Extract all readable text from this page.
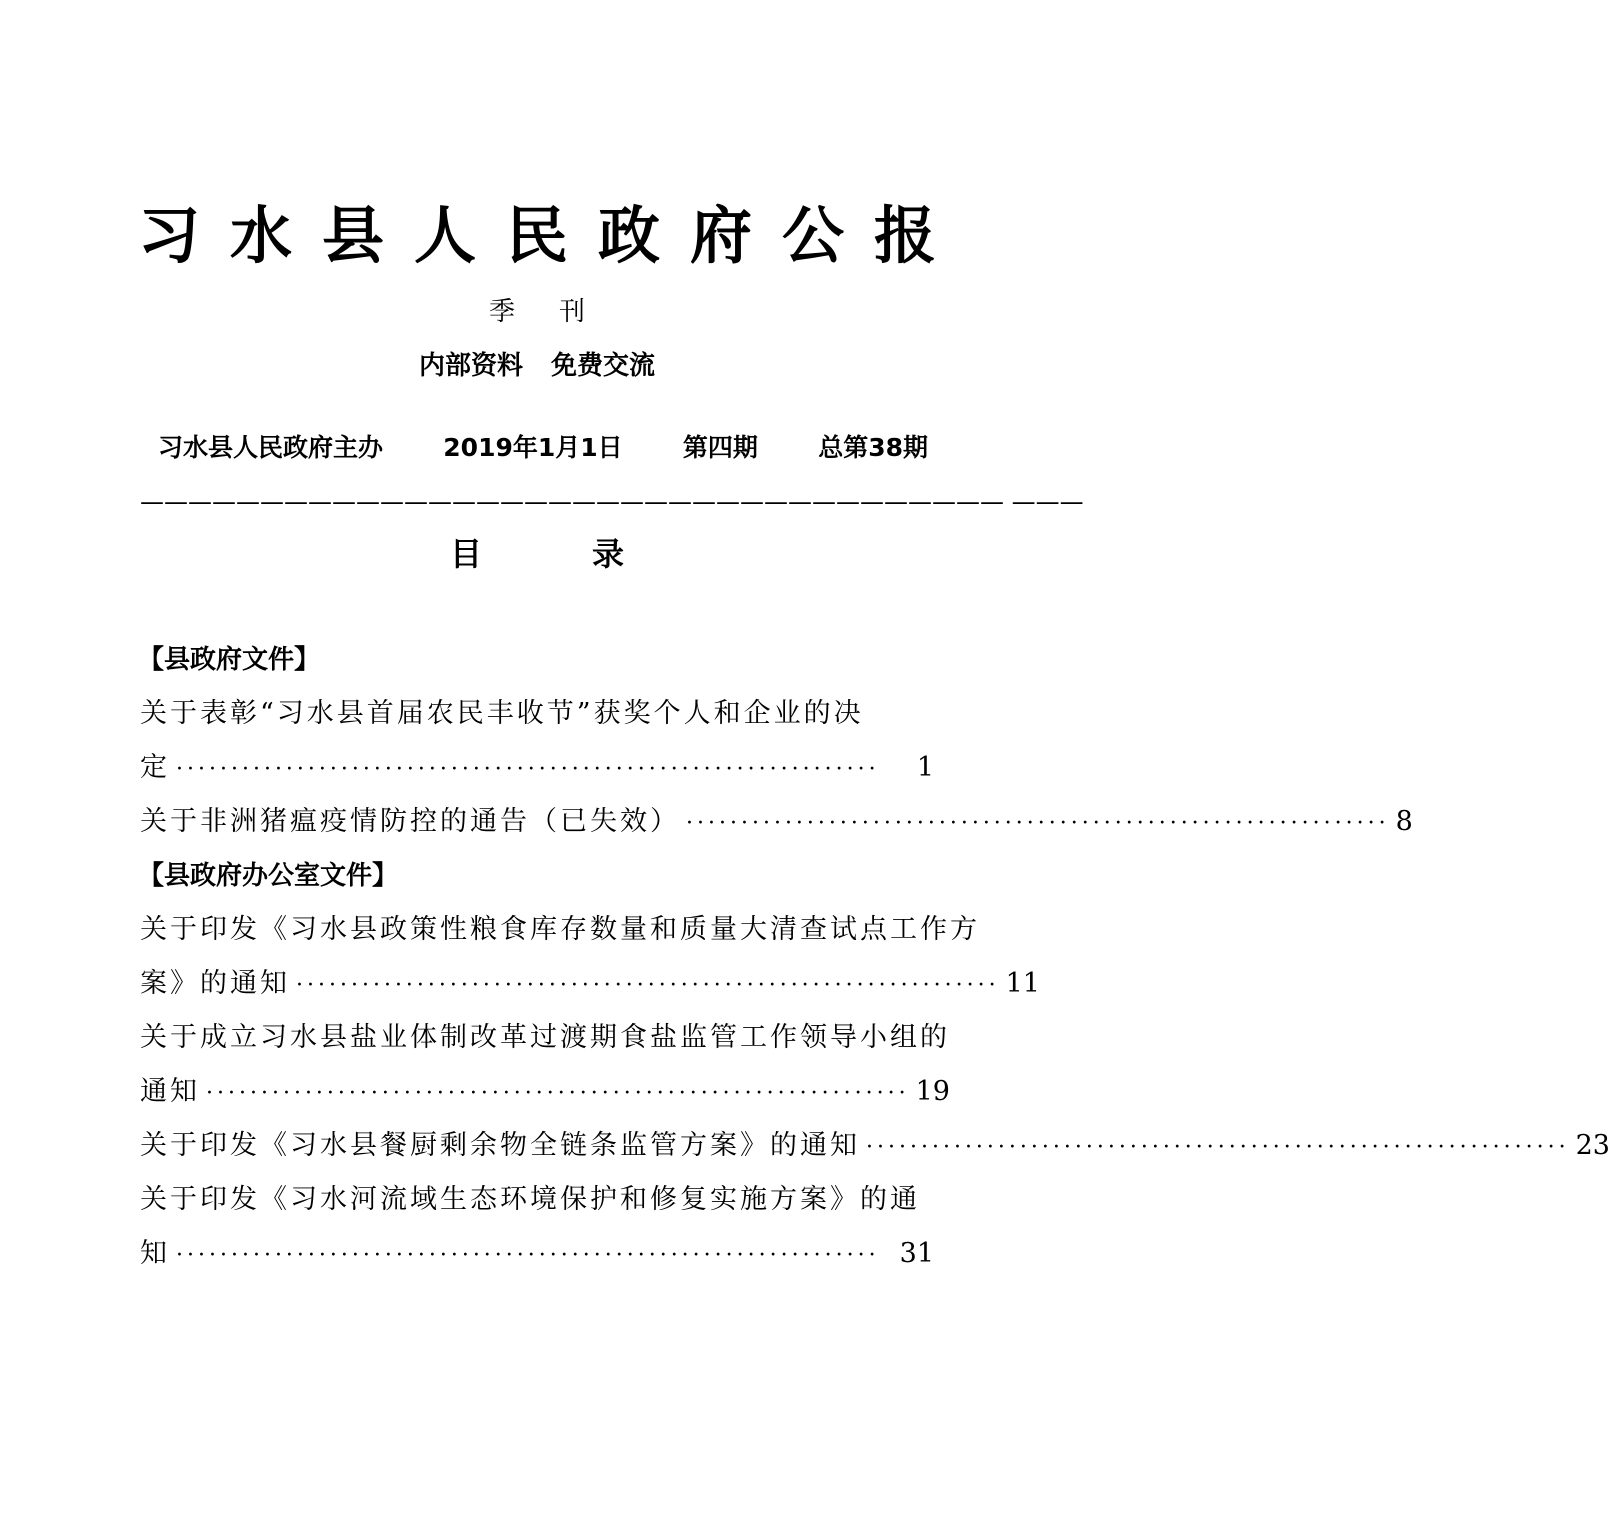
习水县人民政府公报
季刊
内部资料 免费交流
习水县人民政府主办 2019年1月1日 第四期 总第38期
———————————————————————————————————— ———
目录
【县政府文件】
关于表彰“习水县首届农民丰收节”获奖个人和企业的决
定 ································································	1
关于非洲猪瘟疫情防控的通告（已失效） ································································ 8
【县政府办公室文件】
关于印发《习水县政策性粮食库存数量和质量大清查试点工作方
案》的通知 ································································ 11
关于成立习水县盐业体制改革过渡期食盐监管工作领导小组的
通知 ································································ 19
关于印发《习水县餐厨剩余物全链条监管方案》的通知 ································································ 23
关于印发《习水河流域生态环境保护和修复实施方案》的通
知 ································································ 31
